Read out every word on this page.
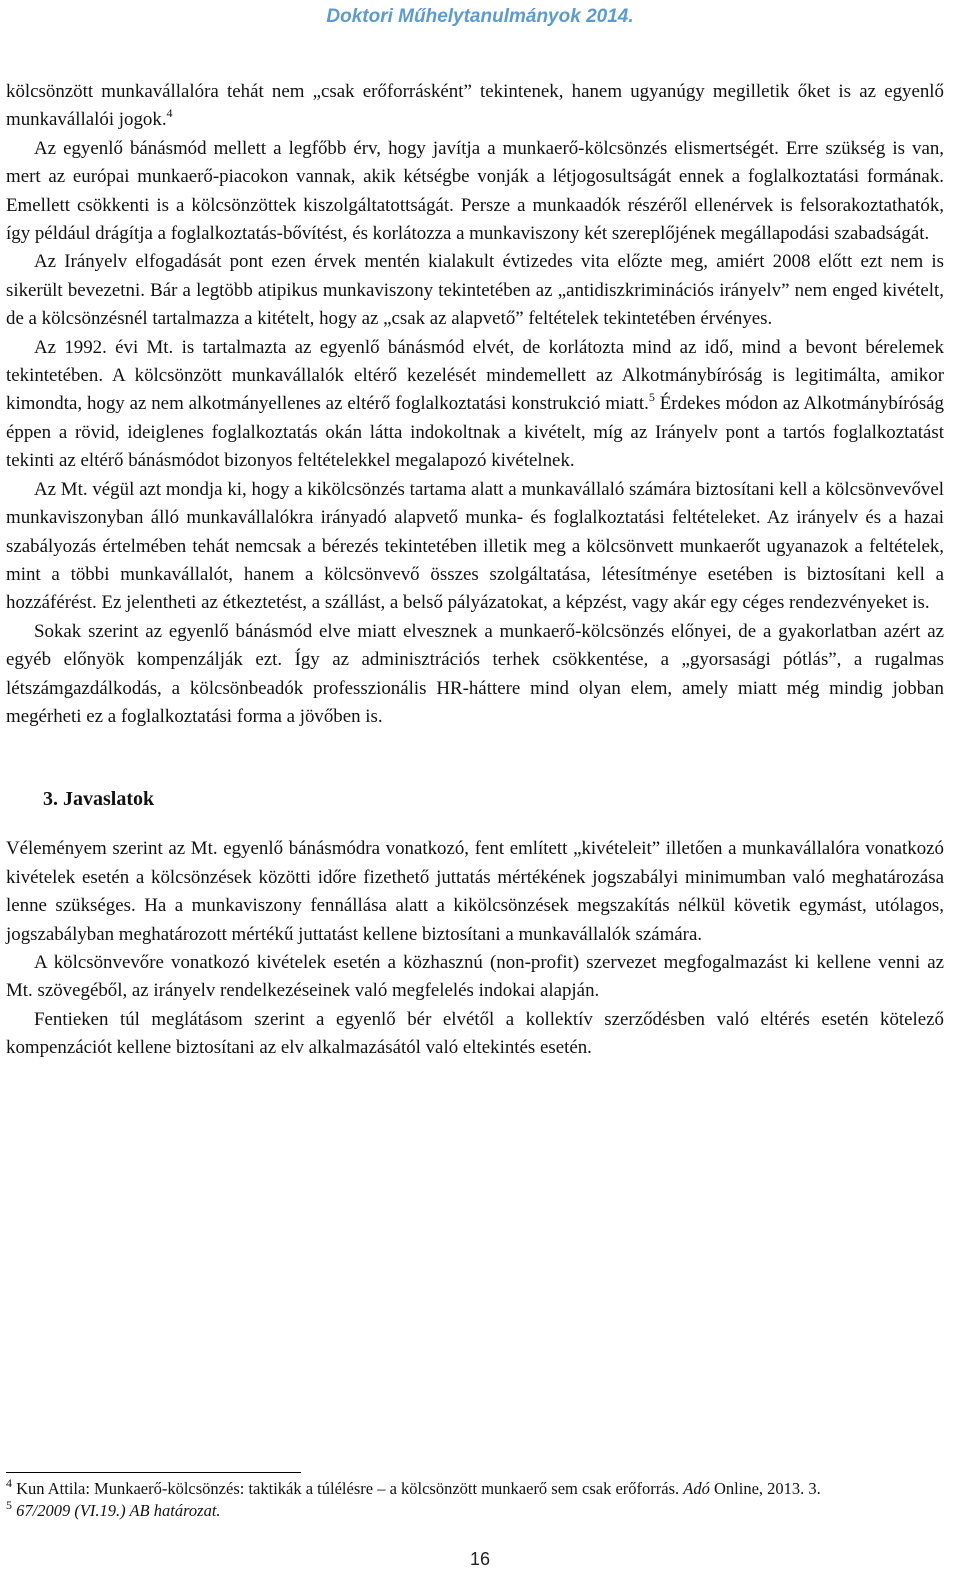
Doktori Műhelytanulmányok 2014.

kölcsönzött munkavállalóra tehát nem „csak erőforrásként” tekintenek, hanem ugyanúgy megilletik őket is az egyenlő munkavállalói jogok.$^4$

Az egyenlő bánásmód mellett a legfőbb érv, hogy javítja a munkaerő-kölcsönzés elismertségét. Erre szükség is van, mert az európai munkaerő-piacokon vannak, akik kétségbe vonják a létjogosultságát ennek a foglalkoztatási formának. Emellett csökkenti is a kölcsönzöttek kiszolgáltatottságát. Persze a munkaadók részéről ellenérvek is felsorakoztathatók, így például drágítja a foglalkoztatás-bővítést, és korlátozza a munkaviszony két szereplőjének megállapodási szabadságát.

Az Irányelv elfogadását pont ezen érvek mentén kialakult évtizedes vita előzte meg, amiért 2008 előtt ezt nem is sikerült bevezetni. Bár a legtöbb atipikus munkaviszony tekintetében az „antidiszkriminációs irányelv” nem enged kivételt, de a kölcsönzésnél tartalmazza a kitételt, hogy az „csak az alapvető” feltételek tekintetében érvényes.

Az 1992. évi Mt. is tartalmazta az egyenlő bánásmód elvét, de korlátozta mind az idő, mind a bevont bérelemek tekintetében. A kölcsönzött munkavállalók eltérő kezelését mindemellett az Alkotmánybíróság is legitimálta, amikor kimondta, hogy az nem alkotmányellenes az eltérő foglalkoztatási konstrukció miatt.$^5$ Érdekes módon az Alkotmánybíróság éppen a rövid, ideiglenes foglalkoztatás okán látta indokoltnak a kivételt, míg az Irányelv pont a tartós foglalkoztatást tekinti az eltérő bánásmódot bizonyos feltételekkel megalapozó kivételnek.

Az Mt. végül azt mondja ki, hogy a kikölcsönzés tartama alatt a munkavállaló számára biztosítani kell a kölcsönvevővel munkaviszonyban álló munkavállalókra irányadó alapvető munka- és foglalkoztatási feltételeket. Az irányelv és a hazai szabályozás értelmében tehát nemcsak a bérezés tekintetében illetik meg a kölcsönvett munkaerőt ugyanazok a feltételek, mint a többi munkavállalót, hanem a kölcsönvevő összes szolgáltatása, létesítménye esetében is biztosítani kell a hozzáférést. Ez jelentheti az étkeztetést, a szállást, a belső pályázatokat, a képzést, vagy akár egy céges rendezvényeket is.

Sokak szerint az egyenlő bánásmód elve miatt elvesznek a munkaerő-kölcsönzés előnyei, de a gyakorlatban azért az egyéb előnyök kompenzálják ezt. Így az adminisztrációs terhek csökkentése, a „gyorsasági pótlás”, a rugalmas létszámgazdálkodás, a kölcsönbeadók professzionális HR-háttere mind olyan elem, amely miatt még mindig jobban megérheti ez a foglalkoztatási forma a jövőben is.

3. Javaslatok

Véleményem szerint az Mt. egyenlő bánásmódra vonatkozó, fent említett „kivételeit” illetően a munkavállalóra vonatkozó kivételek esetén a kölcsönzések közötti időre fizethető juttatás mértékének jogszabályi minimumban való meghatározása lenne szükséges. Ha a munkaviszony fennállása alatt a kikölcsönzések megszakítás nélkül követik egymást, utólagos, jogszabályban meghatározott mértékű juttatást kellene biztosítani a munkavállalók számára.

A kölcsönvevőre vonatkozó kivételek esetén a közhasznú (non-profit) szervezet megfogalmazást ki kellene venni az Mt. szövegéből, az irányelv rendelkezéseinek való megfelelés indokai alapján.

Fentieken túl meglátásom szerint a egyenlő bér elvétől a kollektív szerződésben való eltérés esetén kötelező kompenzációt kellene biztosítani az elv alkalmazásától való eltekintés esetén.

$^4$ Kun Attila: Munkaerő-kölcsönzés: taktikák a túlélésre – a kölcsönzött munkaerő sem csak erőforrás. Adó Online, 2013. 3.

$^5$ 67/2009 (VI.19.) AB határozat.

16
